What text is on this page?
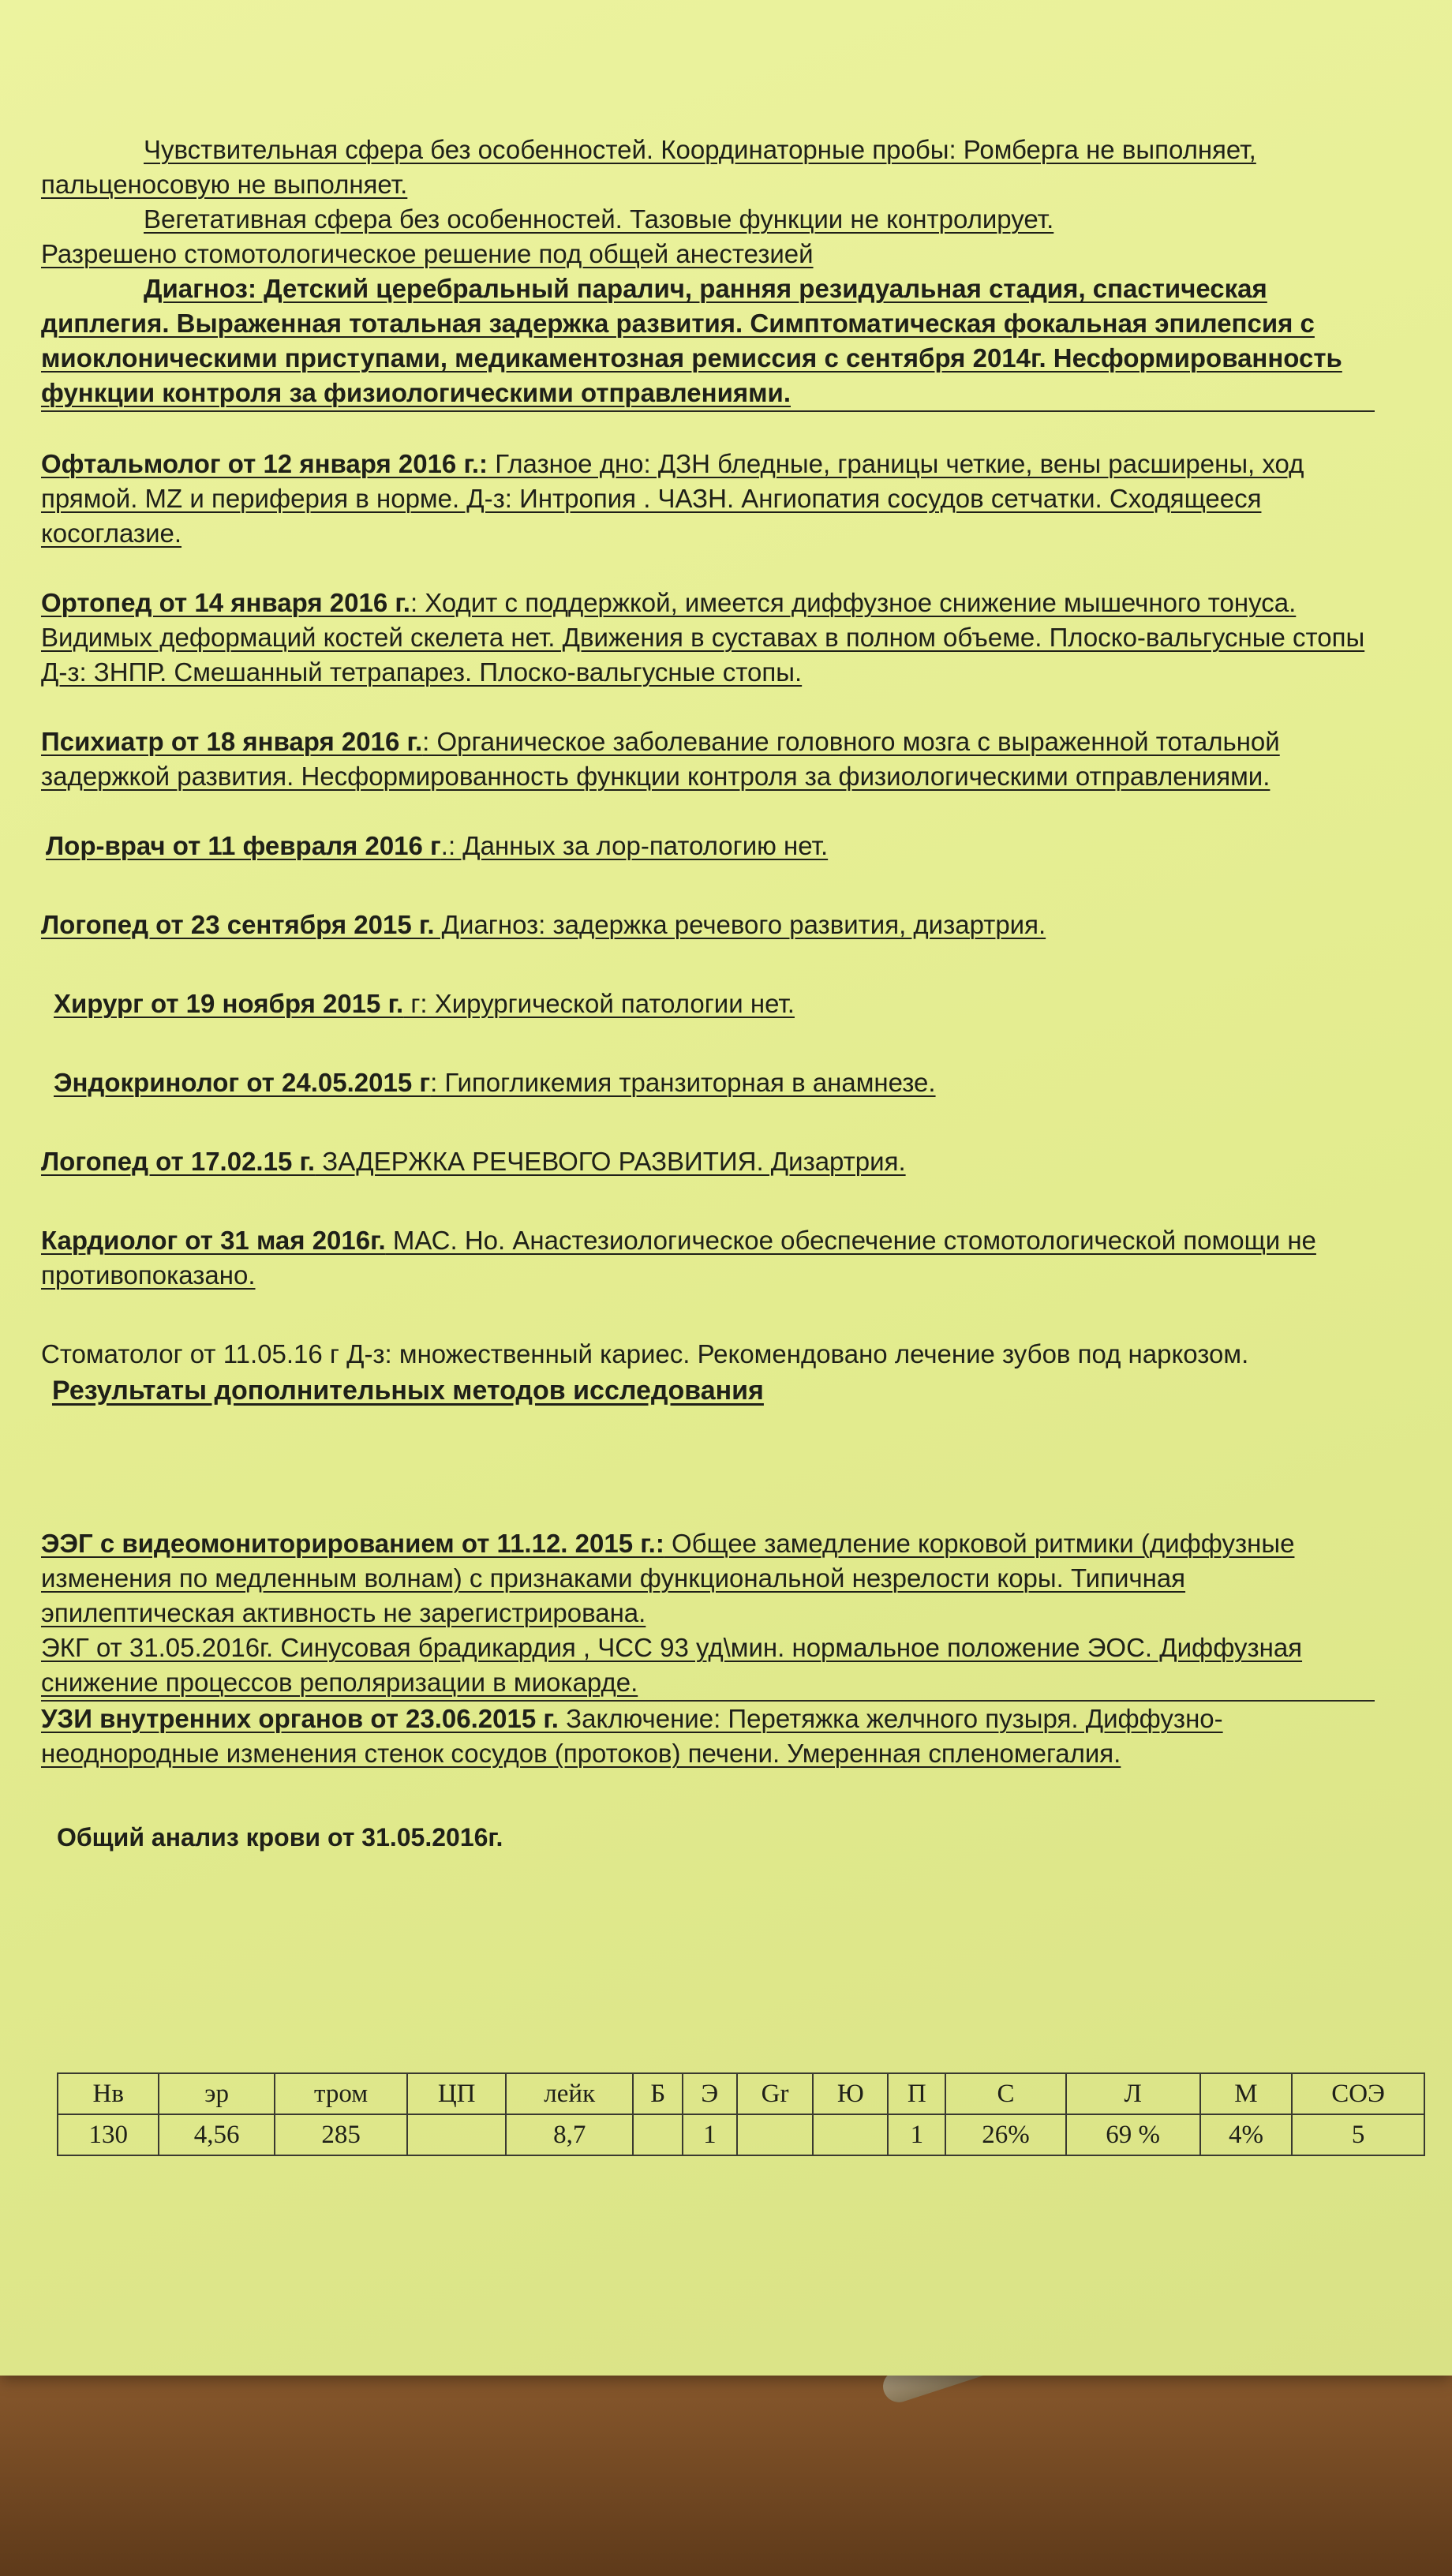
Чувствительная сфера без особенностей. Координаторные пробы: Ромберга не выполняет, пальценосовую не выполняет.

Вегетативная сфера без особенностей. Тазовые функции не контролирует.

Разрешено стомотологическое решение под общей анестезией

Диагноз: Детский церебральный паралич, ранняя резидуальная стадия, спастическая диплегия. Выраженная тотальная задержка развития. Симптоматическая фокальная эпилепсия с миоклоническими приступами, медикаментозная ремиссия с сентября 2014г. Несформированность функции контроля за физиологическими отправлениями.

Офтальмолог от 12 января 2016 г.: Глазное дно: ДЗН бледные, границы четкие, вены расширены, ход прямой. MZ и периферия в норме. Д-з: Интропия . ЧАЗН. Ангиопатия сосудов сетчатки. Сходящееся косоглазие.

Ортопед от 14 января 2016 г.: Ходит с поддержкой, имеется диффузное снижение мышечного тонуса. Видимых деформаций костей скелета нет. Движения в суставах в полном объеме. Плоско-вальгусные стопы

Д-з: ЗНПР. Смешанный тетрапарез. Плоско-вальгусные стопы.

Психиатр от 18 января 2016 г.: Органическое заболевание головного мозга с выраженной тотальной задержкой развития. Несформированность функции контроля за физиологическими отправлениями.

Лор-врач от 11 февраля 2016 г.: Данных за лор-патологию нет.

Логопед от 23 сентября 2015 г. Диагноз: задержка речевого развития, дизартрия.

Хирург от 19 ноября 2015 г. г: Хирургической патологии нет.

Эндокринолог от 24.05.2015 г: Гипогликемия транзиторная в анамнезе.

Логопед от 17.02.15 г. ЗАДЕРЖКА РЕЧЕВОГО РАЗВИТИЯ. Дизартрия.

Кардиолог от 31 мая 2016г. МАС. Но. Анастезиологическое обеспечение стомотологической помощи не противопоказано.

Стоматолог от 11.05.16 г Д-з: множественный кариес. Рекомендовано лечение зубов под наркозом.

Результаты дополнительных методов исследования

ЭЭГ с видеомониторированием от 11.12. 2015 г.: Общее замедление корковой ритмики (диффузные изменения по медленным волнам) с признаками функциональной незрелости коры. Типичная эпилептическая активность не зарегистрирована.

ЭКГ от 31.05.2016г. Синусовая брадикардия , ЧСС 93 уд\мин. нормальное положение ЭОС. Диффузная снижение процессов реполяризации в миокарде.

УЗИ внутренних органов от 23.06.2015 г. Заключение: Перетяжка желчного пузыря. Диффузно-неоднородные изменения стенок сосудов (протоков) печени. Умеренная спленомегалия.

Общий анализ крови от 31.05.2016г.
Нв	эр	тром	ЦП	лейк	Б	Э	Gr	Ю	П	С	Л	М	СОЭ
130	4,56	285		8,7		1			1	26%	69 %	4%	5
